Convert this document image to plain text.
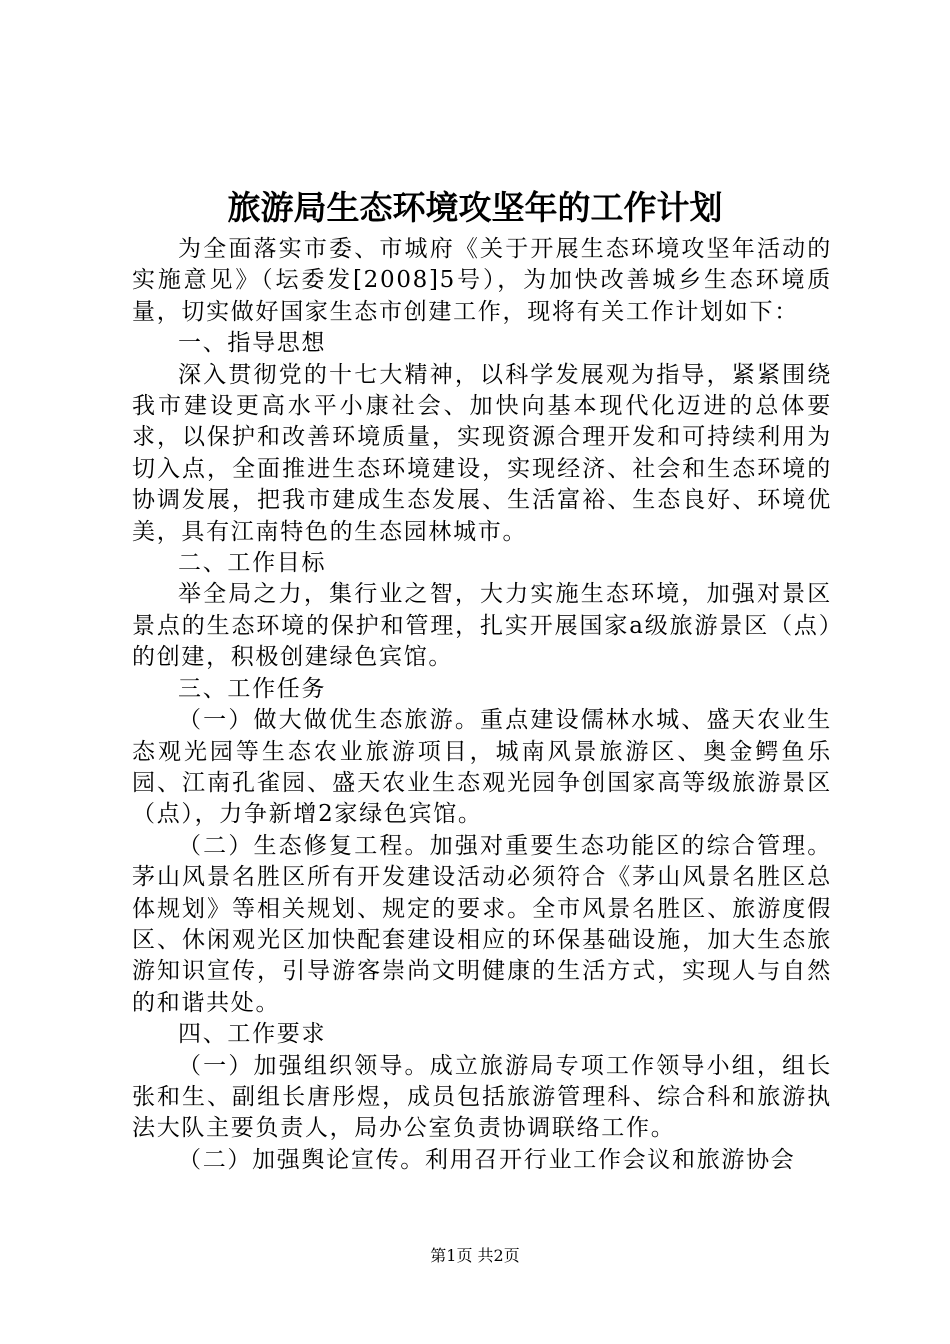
旅游局生态环境攻坚年的工作计划

为全面落实市委、市城府《关于开展生态环境攻坚年活动的实施意见》（坛委发[2008]5号），为加快改善城乡生态环境质量，切实做好国家生态市创建工作，现将有关工作计划如下：

一、指导思想

深入贯彻党的十七大精神，以科学发展观为指导，紧紧围绕我市建设更高水平小康社会、加快向基本现代化迈进的总体要求，以保护和改善环境质量，实现资源合理开发和可持续利用为切入点，全面推进生态环境建设，实现经济、社会和生态环境的协调发展，把我市建成生态发展、生活富裕、生态良好、环境优美，具有江南特色的生态园林城市。

二、工作目标

举全局之力，集行业之智，大力实施生态环境，加强对景区景点的生态环境的保护和管理，扎实开展国家a级旅游景区（点）的创建，积极创建绿色宾馆。

三、工作任务

（一）做大做优生态旅游。重点建设儒林水城、盛天农业生态观光园等生态农业旅游项目，城南风景旅游区、奥金鳄鱼乐园、江南孔雀园、盛天农业生态观光园争创国家高等级旅游景区（点），力争新增2家绿色宾馆。

（二）生态修复工程。加强对重要生态功能区的综合管理。茅山风景名胜区所有开发建设活动必须符合《茅山风景名胜区总体规划》等相关规划、规定的要求。全市风景名胜区、旅游度假区、休闲观光区加快配套建设相应的环保基础设施，加大生态旅游知识宣传，引导游客崇尚文明健康的生活方式，实现人与自然的和谐共处。

四、工作要求

（一）加强组织领导。成立旅游局专项工作领导小组，组长张和生、副组长唐彤煜，成员包括旅游管理科、综合科和旅游执法大队主要负责人，局办公室负责协调联络工作。

（二）加强舆论宣传。利用召开行业工作会议和旅游协会

第1页 共2页
